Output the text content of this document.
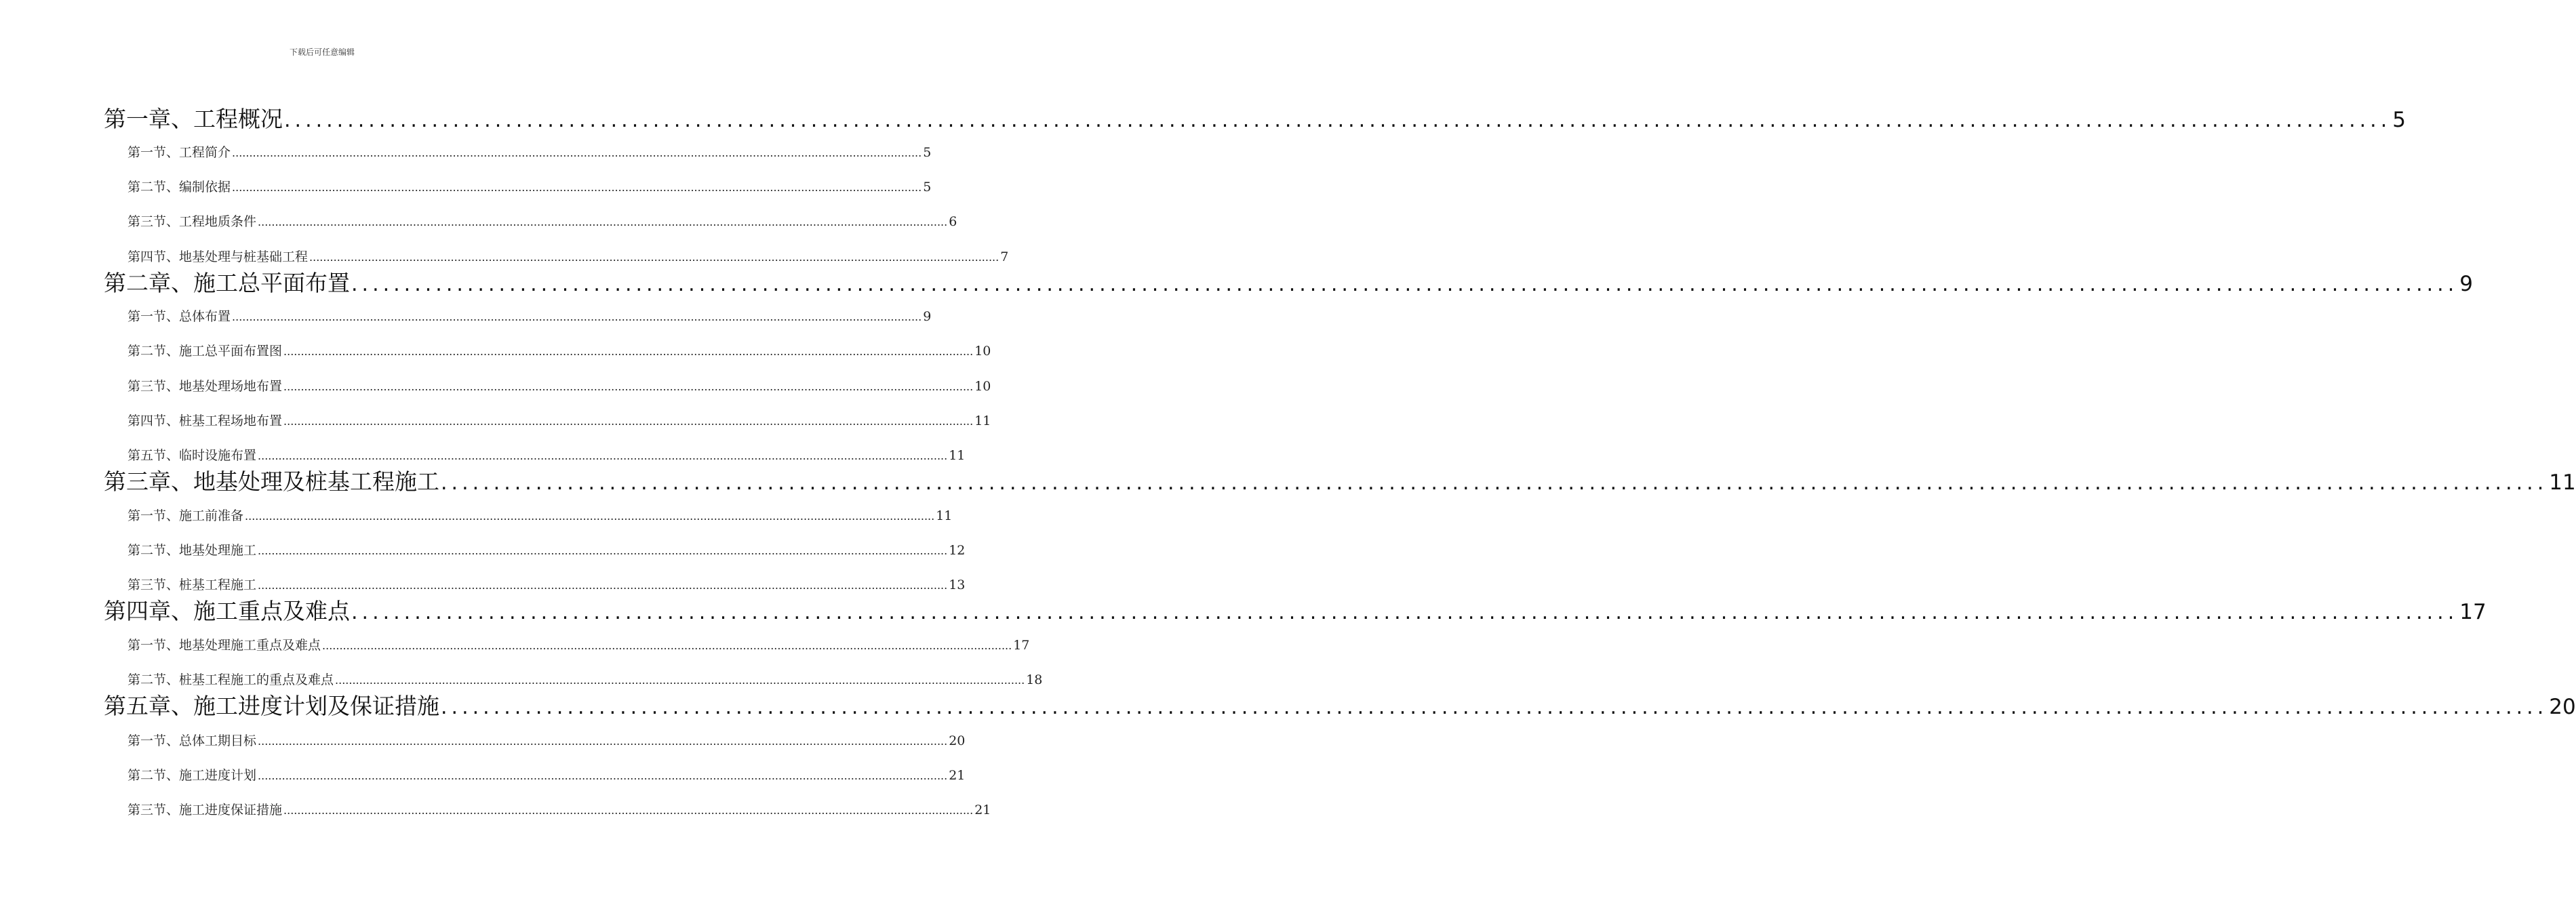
下载后可任意编辑
第一章、工程概况 ........................................................................................................................................................................................................ 5
第一节、工程简介 ........................................................................................................................................................................................................ 5
第二节、编制依据 ........................................................................................................................................................................................................ 5
第三节、工程地质条件 ........................................................................................................................................................................................................ 6
第四节、地基处理与桩基础工程 ........................................................................................................................................................................................................ 7
第二章、施工总平面布置 ........................................................................................................................................................................................................ 9
第一节、总体布置 ........................................................................................................................................................................................................ 9
第二节、施工总平面布置图 ........................................................................................................................................................................................................ 10
第三节、地基处理场地布置 ........................................................................................................................................................................................................ 10
第四节、桩基工程场地布置 ........................................................................................................................................................................................................ 11
第五节、临时设施布置 ........................................................................................................................................................................................................ 11
第三章、地基处理及桩基工程施工 ........................................................................................................................................................................................................ 11
第一节、施工前准备 ........................................................................................................................................................................................................ 11
第二节、地基处理施工 ........................................................................................................................................................................................................ 12
第三节、桩基工程施工 ........................................................................................................................................................................................................ 13
第四章、施工重点及难点 ........................................................................................................................................................................................................ 17
第一节、地基处理施工重点及难点 ........................................................................................................................................................................................................ 17
第二节、桩基工程施工的重点及难点 ........................................................................................................................................................................................................ 18
第五章、施工进度计划及保证措施 ........................................................................................................................................................................................................ 20
第一节、总体工期目标 ........................................................................................................................................................................................................ 20
第二节、施工进度计划 ........................................................................................................................................................................................................ 21
第三节、施工进度保证措施 ........................................................................................................................................................................................................ 21
